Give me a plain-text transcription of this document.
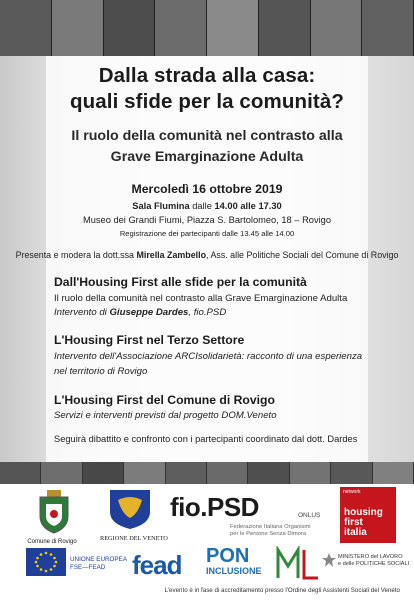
Dalla strada alla casa:
quali sfide per la comunità?
Il ruolo della comunità nel contrasto alla
Grave Emarginazione Adulta
Mercoledì 16 ottobre 2019
Sala Flumina dalle 14.00 alle 17.30
Museo dei Grandi Fiumi, Piazza S. Bartolomeo, 18 – Rovigo
Registrazione dei partecipanti dalle 13.45 alle 14.00
Presenta e modera la dott.ssa Mirella Zambello, Ass. alle Politiche Sociali del Comune di Rovigo
Dall'Housing First alle sfide per la comunità
Il ruolo della comunità nel contrasto alla Grave Emarginazione Adulta
Intervento di Giuseppe Dardes, fio.PSD
L'Housing First nel Terzo Settore
Intervento dell'Associazione ARCIsolidarietà: racconto di una esperienza
nel territorio di Rovigo
L'Housing First del Comune di Rovigo
Servizi e interventi previsti dal progetto DOM.Veneto
Seguirà dibattito e confronto con i partecipanti coordinato dal dott. Dardes
Comune di Rovigo	REGIONE DEL VENETO
fio.PSD	ONLUS
Federazione Italiana Organismi
per le Persone Senza Dimora
network
housing
first
italia
UNIONE EUROPEA
FSE—FEAD fead	PON
INCLUSIONE
MINISTERO del LAVORO
e delle POLITICHE SOCIALI
L'evento è in fase di accreditamento presso l'Ordine degli Assistenti Sociali del Veneto
